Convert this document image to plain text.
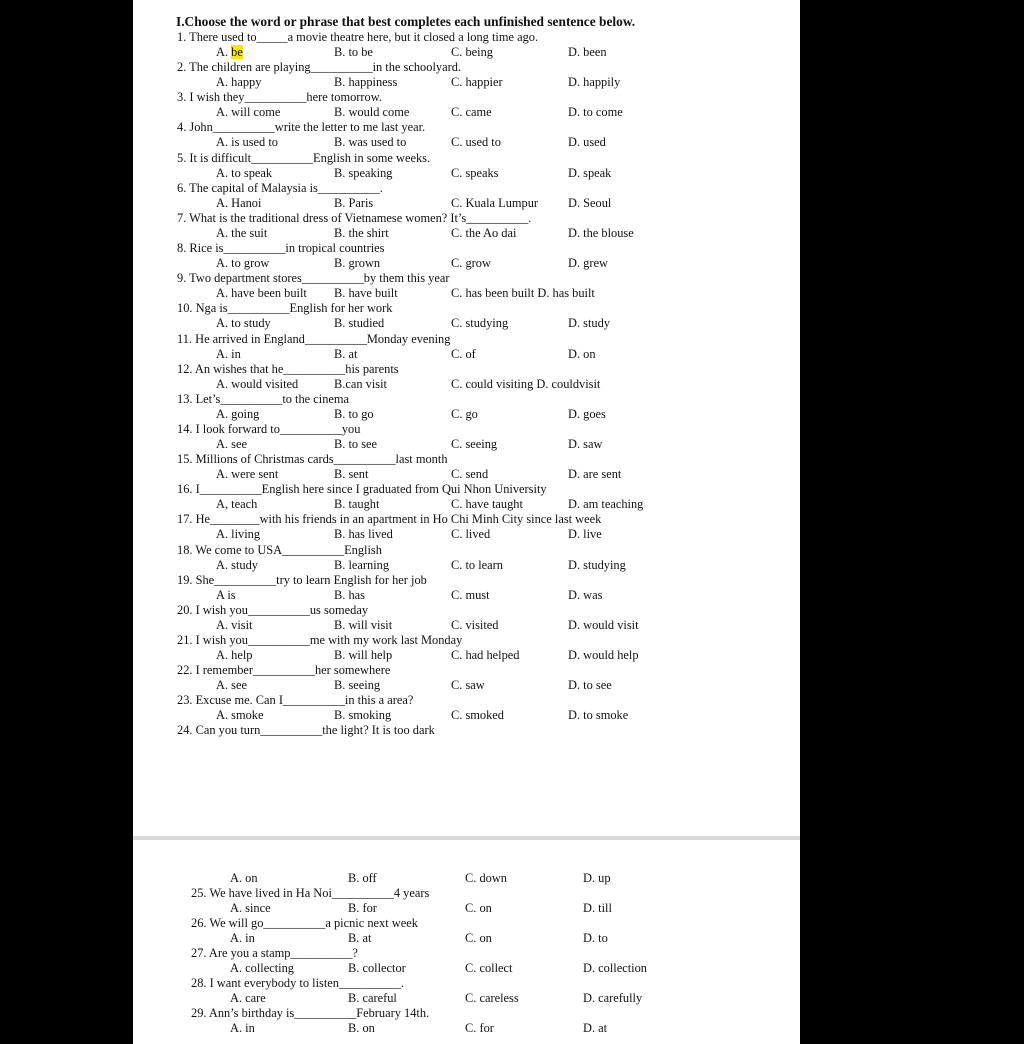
I.Choose the word or phrase that best completes each unfinished sentence below.
1. There used to_____a movie theatre here, but it closed a long time ago.
A. be	B. to be	C. being	D. been
2. The children are playing__________in the schoolyard.
A. happy	B. happiness	C. happier	D. happily
3. I wish they__________here tomorrow.
A. will come	B. would come	C. came	D. to come
4. John__________write the letter to me last year.
A. is used to	B. was used to	C. used to	D. used
5. It is difficult__________English in some weeks.
A. to speak	B. speaking	C. speaks	D. speak
6. The capital of Malaysia is__________.
A. Hanoi	B. Paris	C. Kuala Lumpur D. Seoul
7. What is the traditional dress of Vietnamese women? It’s__________.
A. the suit	B. the shirt	C. the Ao dai	D. the blouse
8. Rice is__________in tropical countries
A. to grow	B. grown	C. grow	D. grew
9. Two department stores__________by them this year
A. have been built B. have built	C. has been built D. has built
10. Nga is__________English for her work
A. to study	B. studied	C. studying	D. study
11. He arrived in England__________Monday evening
A. in	B. at	C. of	D. on
12. An wishes that he__________his parents
A. would visited	B.can visit	C. could visiting D. couldvisit
13. Let’s__________to the cinema
A. going	B. to go	C. go	D. goes
14. I look forward to__________you
A. see	B. to see	C. seeing	D. saw
15. Millions of Christmas cards__________last month
A. were sent	B. sent	C. send	D. are sent
16. I__________English here since I graduated from Qui Nhon University
A, teach	B. taught	C. have taught	D. am teaching
17. He________with his friends in an apartment in Ho Chi Minh City since last week
A. living	B. has lived	C. lived	D. live
18. We come to USA__________English
A. study	B. learning	C. to learn	D. studying
19. She__________try to learn English for her job
A is	B. has	C. must	D. was
20. I wish you__________us someday
A. visit	B. will visit	C. visited	D. would visit
21. I wish you__________me with my work last Monday
A. help	B. will help	C. had helped	D. would help
22. I remember__________her somewhere
A. see	B. seeing	C. saw	D. to see
23. Excuse me. Can I__________in this a area?
A. smoke	B. smoking	C. smoked	D. to smoke
24. Can you turn__________the light? It is too dark
A. on	B. off	C. down	D. up
25. We have lived in Ha Noi__________4 years
A. since	B. for	C. on	D. till
26. We will go__________a picnic next week
A. in	B. at	C. on	D. to
27. Are you a stamp__________?
A. collecting	B. collector	C. collect	D. collection
28. I want everybody to listen__________.
A. care	B. careful	C. careless	D. carefully
29. Ann’s birthday is__________February 14th.
A. in	B. on	C. for	D. at
